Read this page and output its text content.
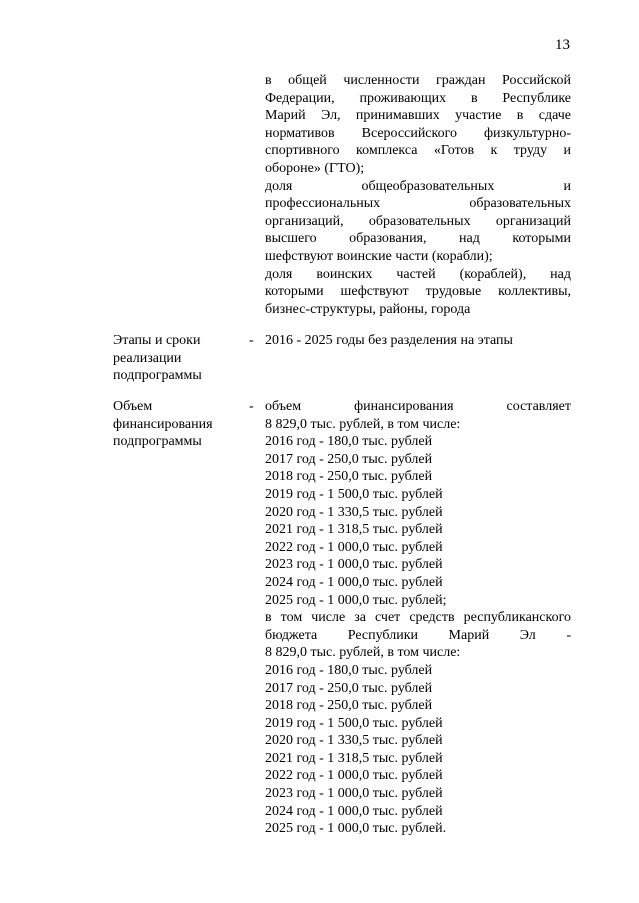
13
в общей численности граждан Российской
Федерации, проживающих в Республике
Марий Эл, принимавших участие в сдаче
нормативов Всероссийского физкультурно-
спортивного комплекса «Готов к труду и
обороне» (ГТО);
доля общеобразовательных и
профессиональных образовательных
организаций, образовательных организаций
высшего образования, над которыми
шефствуют воинские части (корабли);
доля воинских частей (кораблей), над
которыми шефствуют трудовые коллективы,
бизнес-структуры, районы, города
Этапы и сроки
реализации
подпрограммы
- 2016 - 2025 годы без разделения на этапы
Объем
финансирования
подпрограммы
- объем финансирования составляет
8 829,0 тыс. рублей, в том числе:
2016 год - 180,0 тыс. рублей
2017 год - 250,0 тыс. рублей
2018 год - 250,0 тыс. рублей
2019 год - 1 500,0 тыс. рублей
2020 год - 1 330,5 тыс. рублей
2021 год - 1 318,5 тыс. рублей
2022 год - 1 000,0 тыс. рублей
2023 год - 1 000,0 тыс. рублей
2024 год - 1 000,0 тыс. рублей
2025 год - 1 000,0 тыс. рублей;
в том числе за счет средств республиканского
бюджета Республики Марий Эл -
8 829,0 тыс. рублей, в том числе:
2016 год - 180,0 тыс. рублей
2017 год - 250,0 тыс. рублей
2018 год - 250,0 тыс. рублей
2019 год - 1 500,0 тыс. рублей
2020 год - 1 330,5 тыс. рублей
2021 год - 1 318,5 тыс. рублей
2022 год - 1 000,0 тыс. рублей
2023 год - 1 000,0 тыс. рублей
2024 год - 1 000,0 тыс. рублей
2025 год - 1 000,0 тыс. рублей.
